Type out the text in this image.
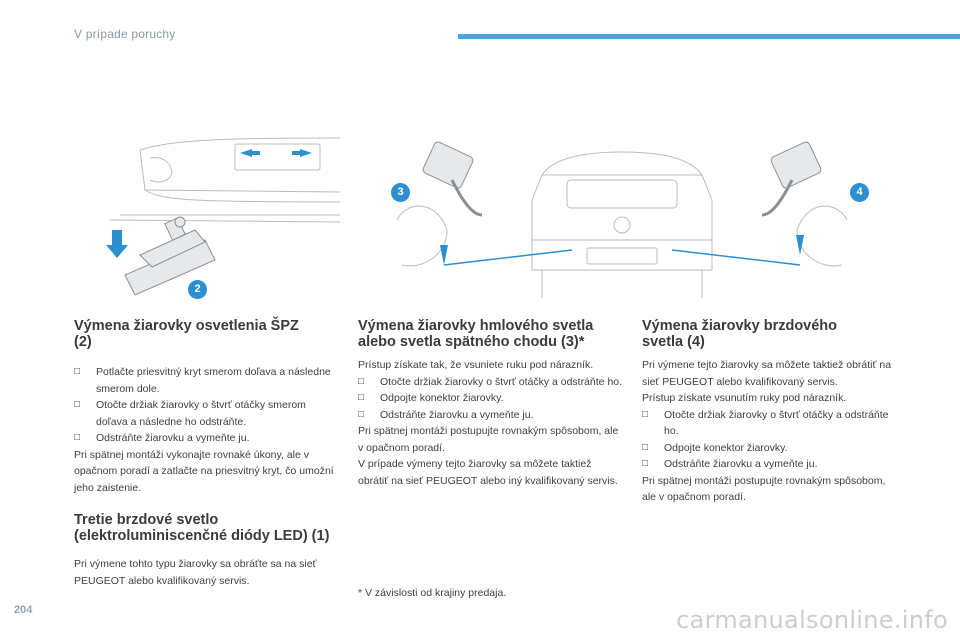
V prípade poruchy
2
3	4
Výmena žiarovky osvetlenia ŠPZ (2)
□ Potlačte priesvitný kryt smerom doľava a následne smerom dole.
□ Otočte držiak žiarovky o štvrť otáčky smerom doľava a následne ho odstráňte.
□ Odstráňte žiarovku a vymeňte ju.

Pri spätnej montáži vykonajte rovnaké úkony, ale v opačnom poradí a zatlačte na priesvitný kryt, čo umožní jeho zaistenie.

Tretie brzdové svetlo (elektroluminiscenčné diódy LED) (1)

Pri výmene tohto typu žiarovky sa obráťte sa na sieť PEUGEOT alebo kvalifikovaný servis.

Výmena žiarovky hmlového svetla alebo svetla spätného chodu (3)*

Prístup získate tak, že vsuniete ruku pod nárazník.

□ Otočte držiak žiarovky o štvrť otáčky a odstráňte ho.
□ Odpojte konektor žiarovky.
□ Odstráňte žiarovku a vymeňte ju.

Pri spätnej montáži postupujte rovnakým spôsobom, ale v opačnom poradí.

V prípade výmeny tejto žiarovky sa môžete taktiež obrátiť na sieť PEUGEOT alebo iný kvalifikovaný servis.

Výmena žiarovky brzdového svetla (4)

Pri výmene tejto žiarovky sa môžete taktiež obrátiť na sieť PEUGEOT alebo kvalifikovaný servis.

Prístup získate vsunutím ruky pod nárazník.

□ Otočte držiak žiarovky o štvrť otáčky a odstráňte ho.
□ Odpojte konektor žiarovky.
□ Odstráňte žiarovku a vymeňte ju.

Pri spätnej montáži postupujte rovnakým spôsobom, ale v opačnom poradí.

* V závislosti od krajiny predaja.
204	carmanualsonline.info
